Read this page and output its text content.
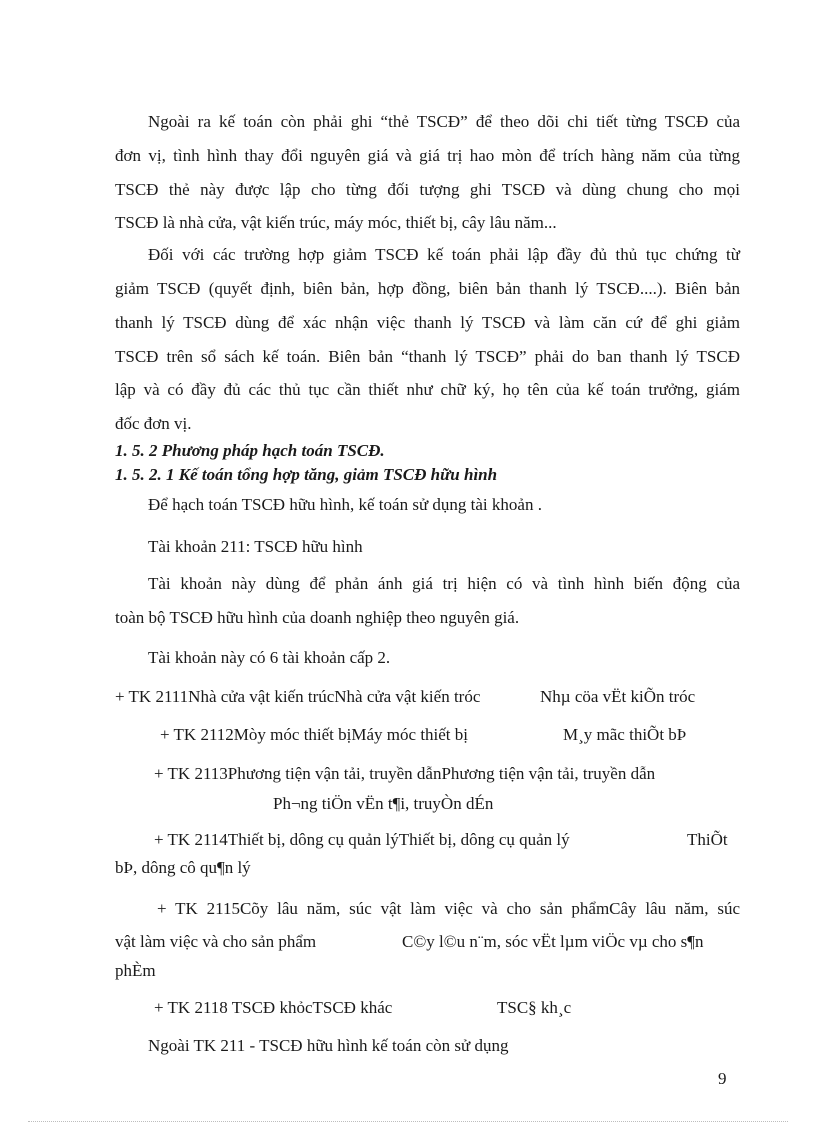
Ngoài ra kế toán còn phải ghi “thẻ TSCĐ” để theo dõi chi tiết từng TSCĐ của

đơn vị, tình hình thay đổi nguyên giá và giá trị hao mòn để trích hàng năm của từng

TSCĐ thẻ này được lập cho từng đối tượng ghi TSCĐ và dùng chung cho mọi

TSCĐ là nhà cửa, vật kiến trúc, máy móc, thiết bị, cây lâu năm...

Đối với các trường hợp giảm TSCĐ kế toán phải lập đầy đủ thủ tục chứng từ

giảm TSCĐ (quyết định, biên bản, hợp đồng, biên bản thanh lý TSCĐ....). Biên bản

thanh lý TSCĐ dùng để xác nhận việc thanh lý TSCĐ và làm căn cứ để ghi giảm

TSCĐ trên sổ sách kế toán. Biên bản “thanh lý TSCĐ” phải do ban thanh lý TSCĐ

lập và có đầy đủ các thủ tục cần thiết như chữ ký, họ tên của kế toán trưởng, giám

đốc đơn vị.

1. 5. 2 Phương pháp hạch toán TSCĐ.

1. 5. 2. 1 Kế toán tổng hợp tăng, giảm TSCĐ hữu hình

Để hạch toán TSCĐ hữu hình, kế toán sử dụng tài khoản .

Tài khoản 211: TSCĐ hữu hình

Tài khoản này dùng để phản ánh giá trị hiện có và tình hình biến động của

toàn bộ TSCĐ hữu hình của doanh nghiệp theo nguyên giá.

Tài khoản này có 6 tài khoản cấp 2.

+ TK 2111Nhà cửa vật kiến trúcNhà cửa vật kiến tróc	Nhµ cöa vËt kiÕn tróc

+ TK 2112Mòy móc thiết bịMáy móc thiết bị	M¸y mãc thiÕt bÞ

+ TK 2113Phương tiện vận tải, truyền dẫnPhương tiện vận tải, truyền dẫn

Ph¬ng tiÖn vËn t¶i, truyÒn dÉn

+ TK 2114Thiết bị, dông cụ quản lýThiết bị, dông cụ quản lý	ThiÕt

bÞ, dông cô qu¶n lý

+ TK 2115Cõy lâu năm, súc vật làm việc và cho sản phẩmCây lâu năm, súc

vật làm việc và cho sản phẩm	C©y l©u n¨m, sóc vËt lµm viÖc vµ cho s¶n

phÈm

+ TK 2118 TSCĐ khỏcTSCĐ khác	TSC§ kh¸c

Ngoài TK 211 - TSCĐ hữu hình kế toán còn sử dụng

9
